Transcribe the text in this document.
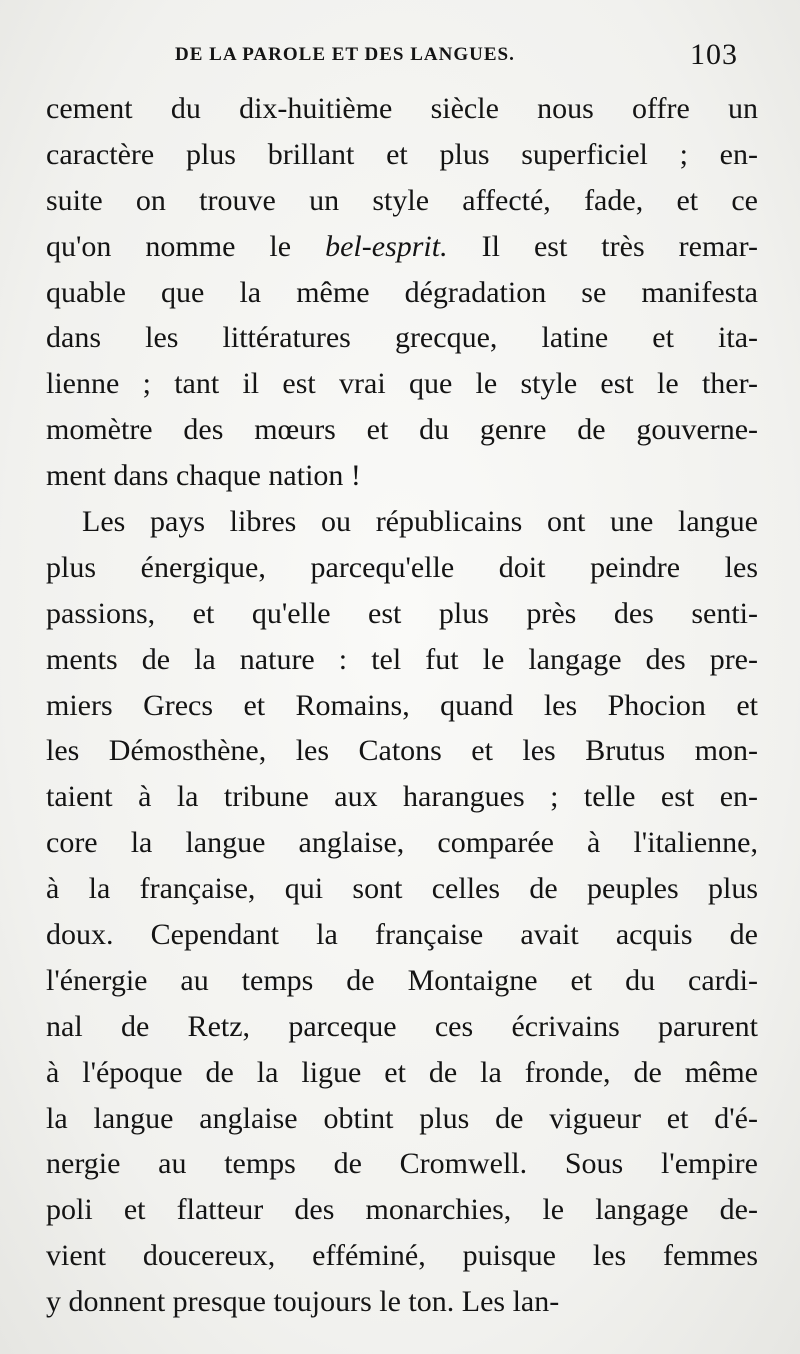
DE LA PAROLE ET DES LANGUES.	103
cement du dix-huitième siècle nous offre un
caractère plus brillant et plus superficiel ; en-
suite on trouve un style affecté, fade, et ce
qu'on nomme le bel-esprit. Il est très remar-
quable que la même dégradation se manifesta
dans les littératures grecque, latine et ita-
lienne ; tant il est vrai que le style est le ther-
momètre des mœurs et du genre de gouverne-
ment dans chaque nation !
Les pays libres ou républicains ont une langue
plus énergique, parcequ'elle doit peindre les
passions, et qu'elle est plus près des senti-
ments de la nature : tel fut le langage des pre-
miers Grecs et Romains, quand les Phocion et
les Démosthène, les Catons et les Brutus mon-
taient à la tribune aux harangues ; telle est en-
core la langue anglaise, comparée à l'italienne,
à la française, qui sont celles de peuples plus
doux. Cependant la française avait acquis de
l'énergie au temps de Montaigne et du cardi-
nal de Retz, parceque ces écrivains parurent
à l'époque de la ligue et de la fronde, de même
la langue anglaise obtint plus de vigueur et d'é-
nergie au temps de Cromwell. Sous l'empire
poli et flatteur des monarchies, le langage de-
vient doucereux, efféminé, puisque les femmes
y donnent presque toujours le ton. Les lan-
